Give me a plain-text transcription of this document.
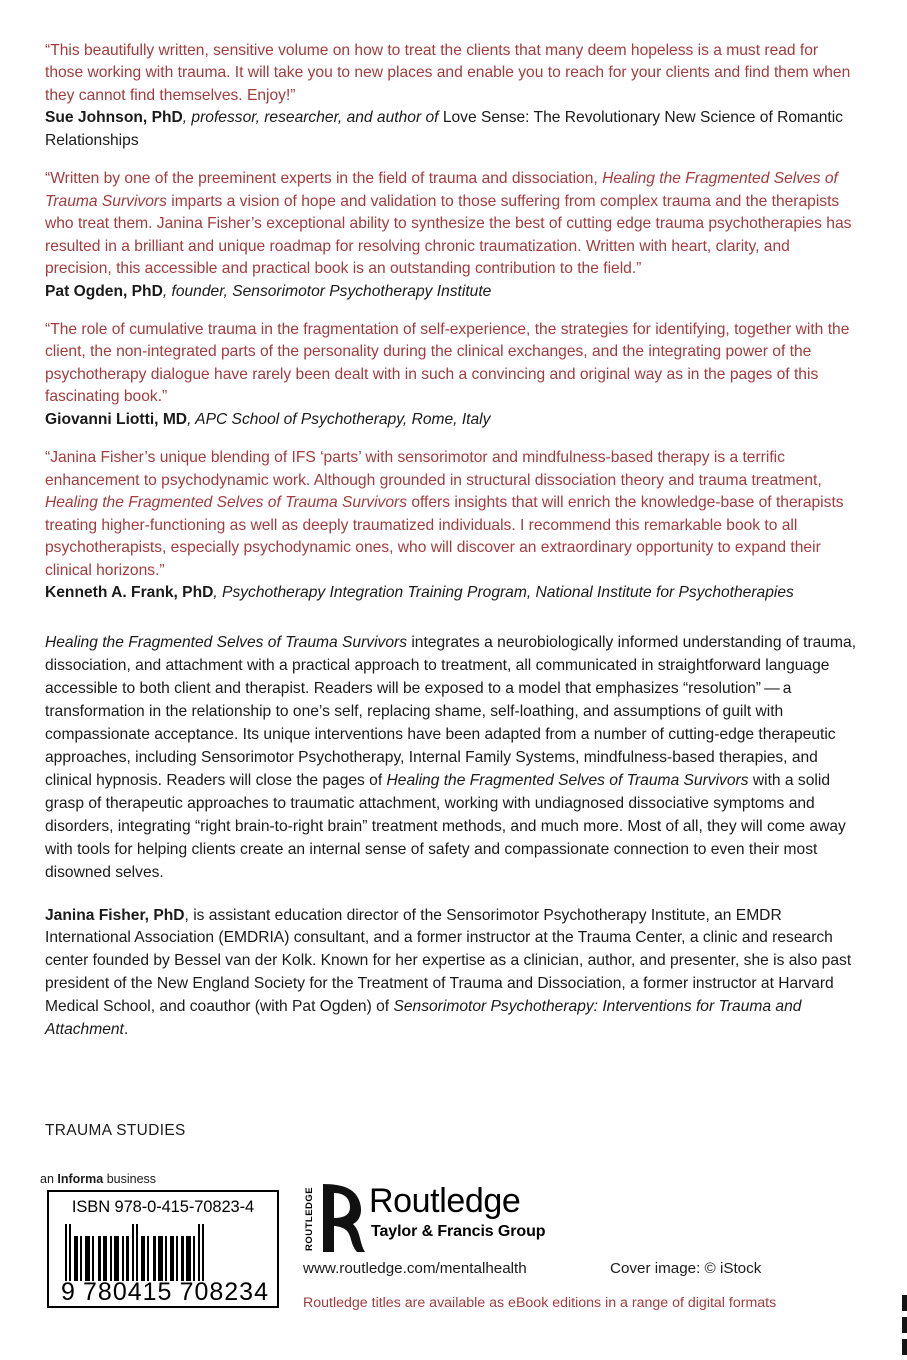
“This beautifully written, sensitive volume on how to treat the clients that many deem hopeless is a must read for those working with trauma. It will take you to new places and enable you to reach for your clients and find them when they cannot find themselves. Enjoy!”

Sue Johnson, PhD, professor, researcher, and author of Love Sense: The Revolutionary New Science of Romantic Relationships

“Written by one of the preeminent experts in the field of trauma and dissociation, Healing the Fragmented Selves of Trauma Survivors imparts a vision of hope and validation to those suffering from complex trauma and the therapists who treat them. Janina Fisher’s exceptional ability to synthesize the best of cutting edge trauma psychotherapies has resulted in a brilliant and unique roadmap for resolving chronic traumatization. Written with heart, clarity, and precision, this accessible and practical book is an outstanding contribution to the field.”

Pat Ogden, PhD, founder, Sensorimotor Psychotherapy Institute

“The role of cumulative trauma in the fragmentation of self-experience, the strategies for identifying, together with the client, the non-integrated parts of the personality during the clinical exchanges, and the integrating power of the psychotherapy dialogue have rarely been dealt with in such a convincing and original way as in the pages of this fascinating book.”

Giovanni Liotti, MD, APC School of Psychotherapy, Rome, Italy

“Janina Fisher’s unique blending of IFS ‘parts’ with sensorimotor and mindfulness-based therapy is a terrific enhancement to psychodynamic work. Although grounded in structural dissociation theory and trauma treatment, Healing the Fragmented Selves of Trauma Survivors offers insights that will enrich the knowledge-base of therapists treating higher-functioning as well as deeply traumatized individuals. I recommend this remarkable book to all psychotherapists, especially psychodynamic ones, who will discover an extraordinary opportunity to expand their clinical horizons.”

Kenneth A. Frank, PhD, Psychotherapy Integration Training Program, National Institute for Psychotherapies

Healing the Fragmented Selves of Trauma Survivors integrates a neurobiologically informed understanding of trauma, dissociation, and attachment with a practical approach to treatment, all communicated in straightforward language accessible to both client and therapist. Readers will be exposed to a model that emphasizes “resolution” — a transformation in the relationship to one’s self, replacing shame, self-loathing, and assumptions of guilt with compassionate acceptance. Its unique interventions have been adapted from a number of cutting-edge therapeutic approaches, including Sensorimotor Psychotherapy, Internal Family Systems, mindfulness-based therapies, and clinical hypnosis. Readers will close the pages of Healing the Fragmented Selves of Trauma Survivors with a solid grasp of therapeutic approaches to traumatic attachment, working with undiagnosed dissociative symptoms and disorders, integrating “right brain-to-right brain” treatment methods, and much more. Most of all, they will come away with tools for helping clients create an internal sense of safety and compassionate connection to even their most disowned selves.

Janina Fisher, PhD, is assistant education director of the Sensorimotor Psychotherapy Institute, an EMDR International Association (EMDRIA) consultant, and a former instructor at the Trauma Center, a clinic and research center founded by Bessel van der Kolk. Known for her expertise as a clinician, author, and presenter, she is also past president of the New England Society for the Treatment of Trauma and Dissociation, a former instructor at Harvard Medical School, and coauthor (with Pat Ogden) of Sensorimotor Psychotherapy: Interventions for Trauma and Attachment.

TRAUMA STUDIES
an Informa business
ISBN 978-0-415-70823-4
9 780415 708234
ROUTLEDGE Routledge
Taylor & Francis Group
www.routledge.com/mentalhealth	Cover image: © iStock
Routledge titles are available as eBook editions in a range of digital formats
